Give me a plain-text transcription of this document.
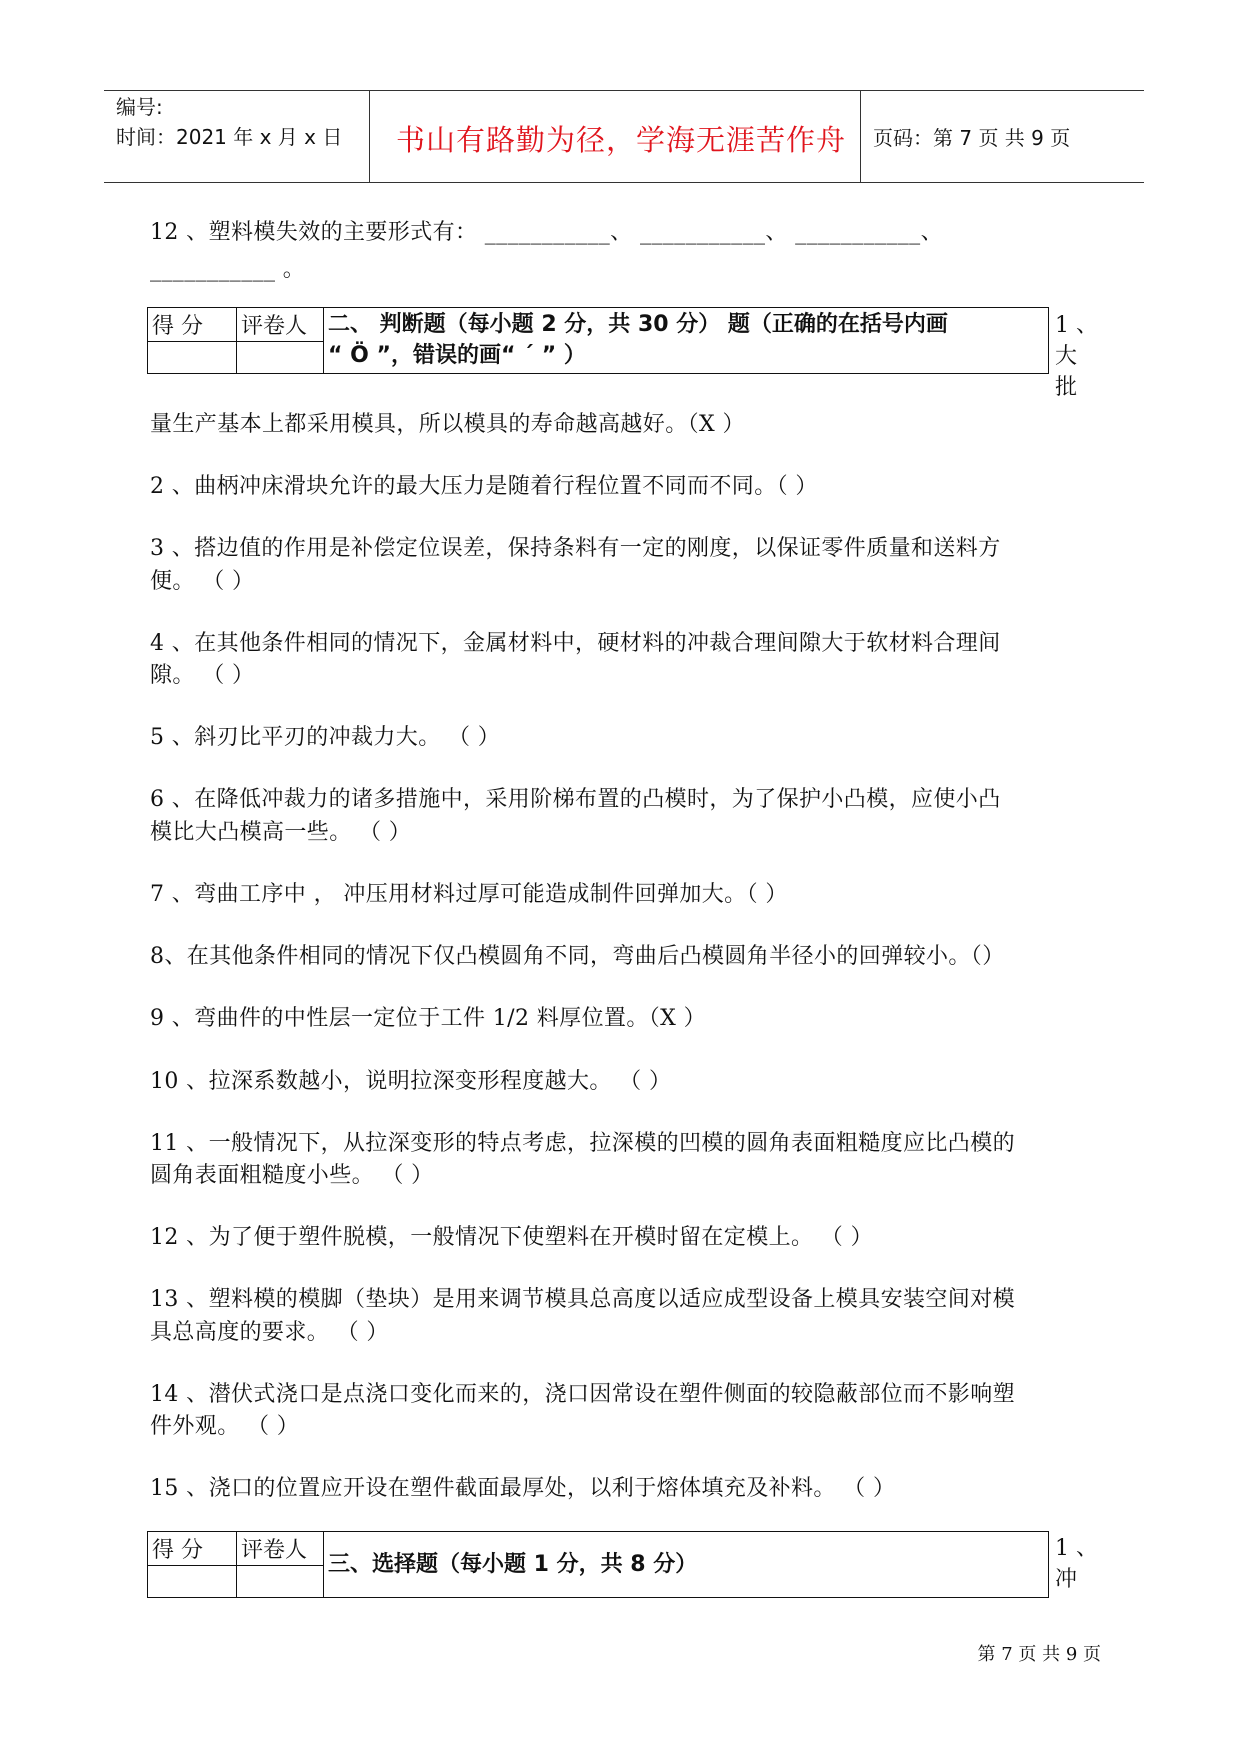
编号:
时间：2021 年 x 月 x 日 书山有路勤为径，学海无涯苦作舟 页码：第 7 页 共 9 页
12 、塑料模失效的主要形式有： ___________、 ___________、 ___________、
___________ 。
得 分	评卷人	二、 判断题（每小题 2 分，共 30 分） 题（正确的在括号内画
“ Ö ”，错误的画“ ´ ” ）

1 、
大
批
量生产基本上都采用模具，所以模具的寿命越高越好。（X ）
2 、曲柄冲床滑块允许的最大压力是随着行程位置不同而不同。（ ）
3 、搭边值的作用是补偿定位误差，保持条料有一定的刚度，以保证零件质量和送料方
便。 （ ）
4 、在其他条件相同的情况下，金属材料中，硬材料的冲裁合理间隙大于软材料合理间
隙。 （ ）
5 、斜刃比平刃的冲裁力大。 （ ）
6 、在降低冲裁力的诸多措施中，采用阶梯布置的凸模时，为了保护小凸模，应使小凸
模比大凸模高一些。 （ ）
7 、弯曲工序中 ， 冲压用材料过厚可能造成制件回弹加大。（ ）
8、在其他条件相同的情况下仅凸模圆角不同，弯曲后凸模圆角半径小的回弹较小。（）
9 、弯曲件的中性层一定位于工件 1/2 料厚位置。（X ）
10 、拉深系数越小，说明拉深变形程度越大。 （ ）
11 、一般情况下，从拉深变形的特点考虑，拉深模的凹模的圆角表面粗糙度应比凸模的
圆角表面粗糙度小些。 （ ）
12 、为了便于塑件脱模，一般情况下使塑料在开模时留在定模上。 （ ）
13 、塑料模的模脚（垫块）是用来调节模具总高度以适应成型设备上模具安装空间对模
具总高度的要求。 （ ）
14 、潜伏式浇口是点浇口变化而来的，浇口因常设在塑件侧面的较隐蔽部位而不影响塑
件外观。 （ ）
15 、浇口的位置应开设在塑件截面最厚处，以利于熔体填充及补料。 （ ）
得 分	评卷人	三、选择题（每小题 1 分，共 8 分）

1 、
冲
第 7 页 共 9 页
